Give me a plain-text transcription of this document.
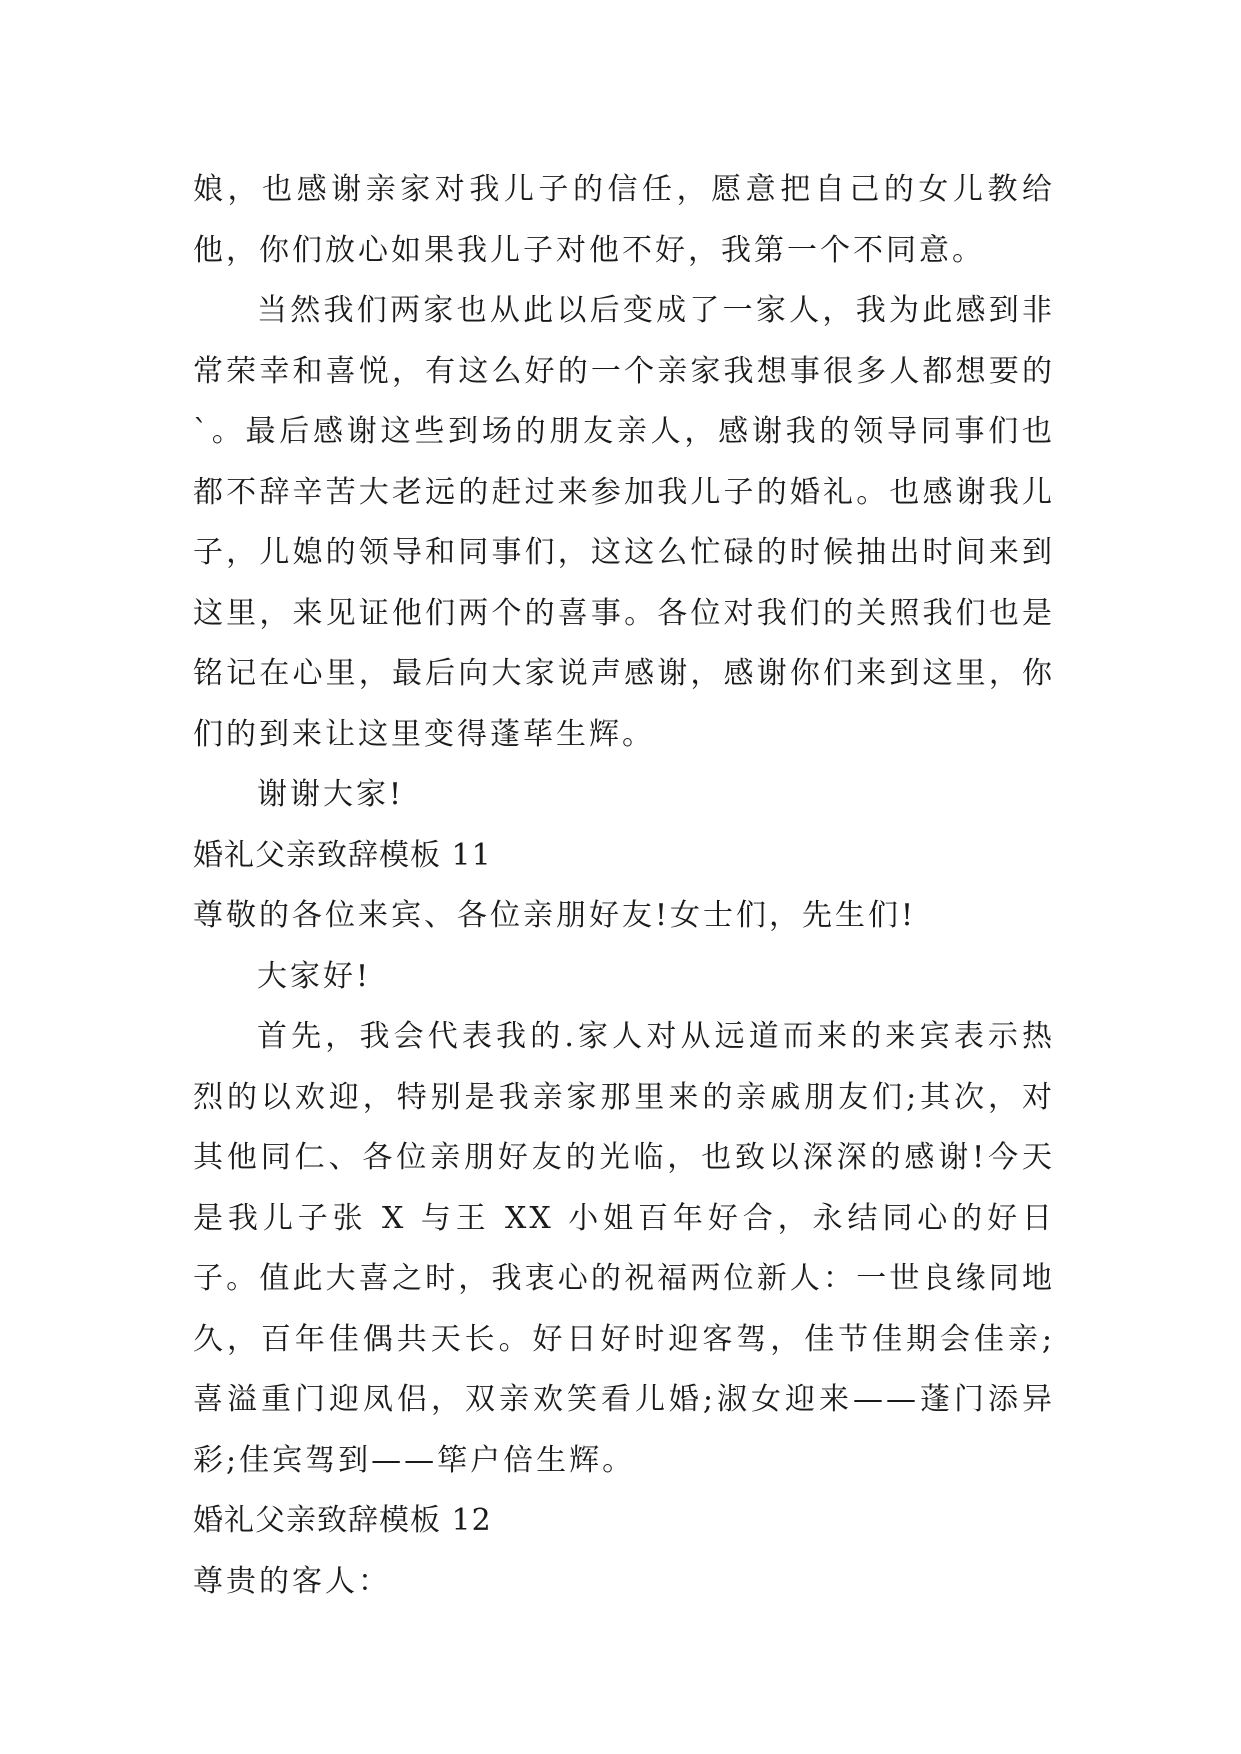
娘，也感谢亲家对我儿子的信任，愿意把自己的女儿教给他，你们放心如果我儿子对他不好，我第一个不同意。

当然我们两家也从此以后变成了一家人，我为此感到非常荣幸和喜悦，有这么好的一个亲家我想事很多人都想要的`。最后感谢这些到场的朋友亲人，感谢我的领导同事们也都不辞辛苦大老远的赶过来参加我儿子的婚礼。也感谢我儿子，儿媳的领导和同事们，这这么忙碌的时候抽出时间来到这里，来见证他们两个的喜事。各位对我们的关照我们也是铭记在心里，最后向大家说声感谢，感谢你们来到这里，你们的到来让这里变得蓬荜生辉。

谢谢大家!

婚礼父亲致辞模板 11

尊敬的各位来宾、各位亲朋好友!女士们，先生们!

大家好!

首先，我会代表我的.家人对从远道而来的来宾表示热烈的以欢迎，特别是我亲家那里来的亲戚朋友们;其次，对其他同仁、各位亲朋好友的光临，也致以深深的感谢!今天是我儿子张 X 与王 XX 小姐百年好合，永结同心的好日子。值此大喜之时，我衷心的祝福两位新人：一世良缘同地久，百年佳偶共天长。好日好时迎客驾，佳节佳期会佳亲;喜溢重门迎凤侣，双亲欢笑看儿婚;淑女迎来——蓬门添异彩;佳宾驾到——筚户倍生辉。

婚礼父亲致辞模板 12

尊贵的客人：
